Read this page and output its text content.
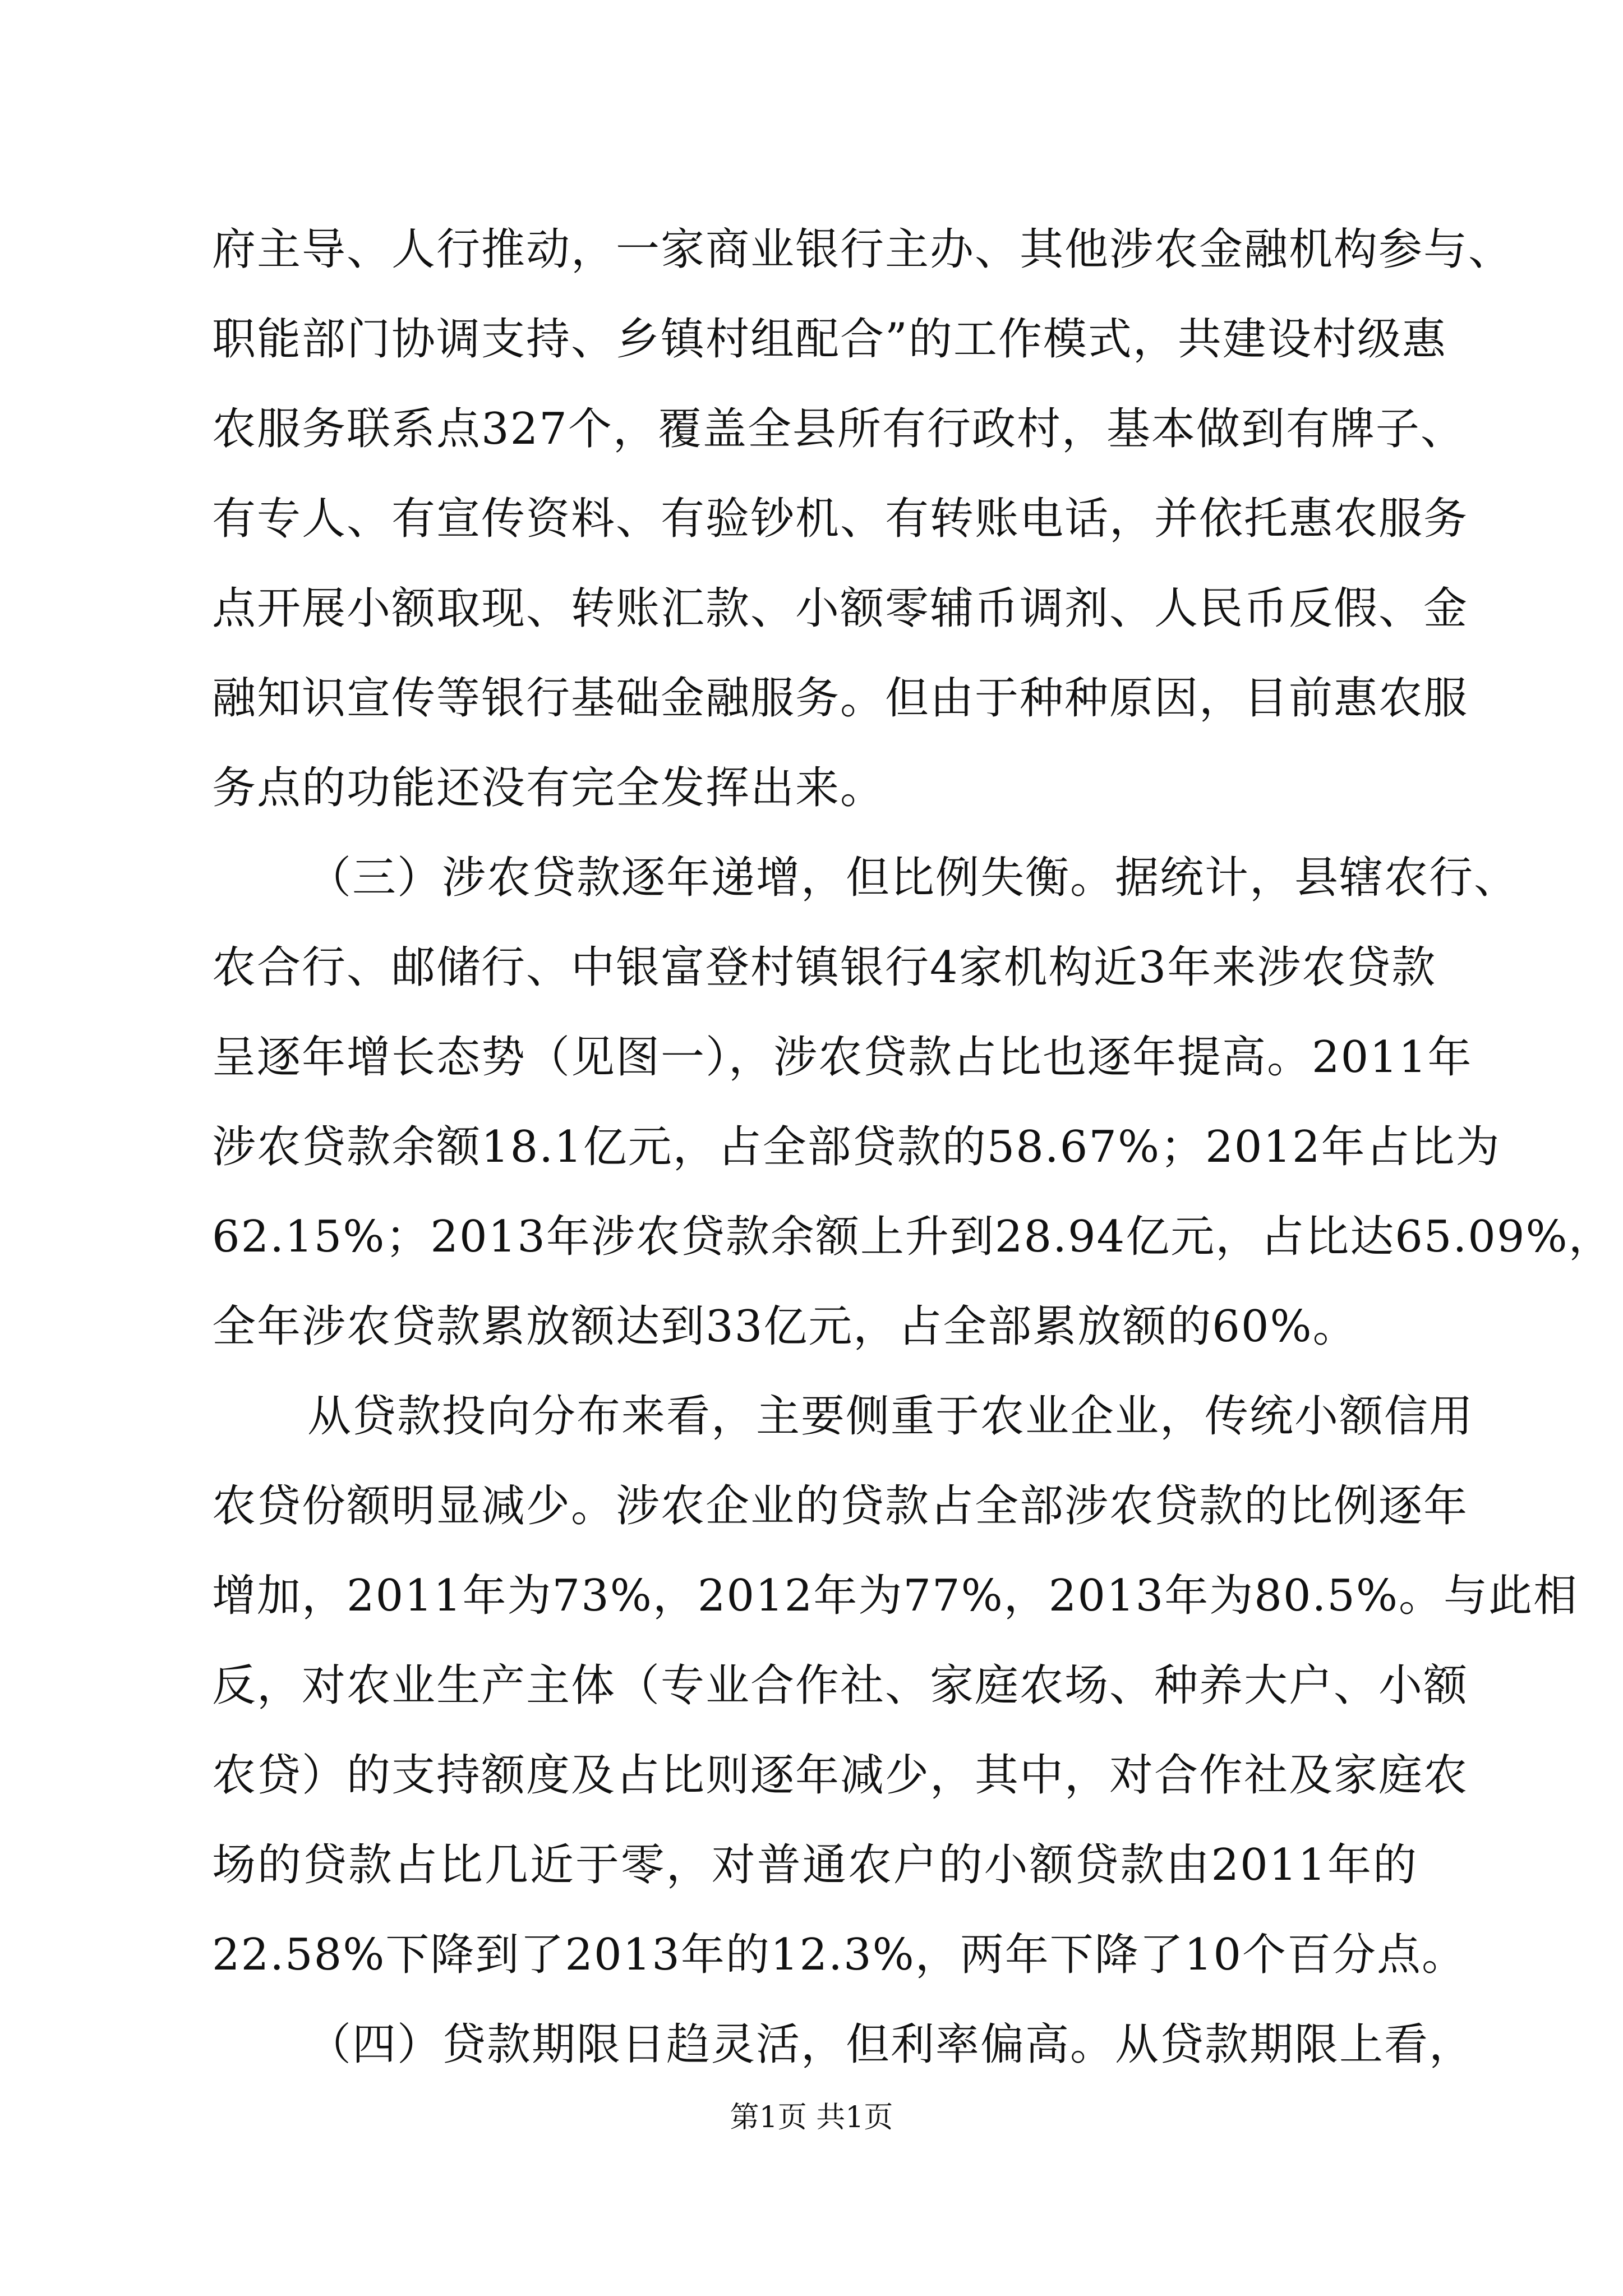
府主导、人行推动，一家商业银行主办、其他涉农金融机构参与、
职能部门协调支持、乡镇村组配合”的工作模式，共建设村级惠
农服务联系点327个，覆盖全县所有行政村，基本做到有牌子、
有专人、有宣传资料、有验钞机、有转账电话，并依托惠农服务
点开展小额取现、转账汇款、小额零辅币调剂、人民币反假、金
融知识宣传等银行基础金融服务。但由于种种原因，目前惠农服
务点的功能还没有完全发挥出来。
（三）涉农贷款逐年递增，但比例失衡。据统计，县辖农行、
农合行、邮储行、中银富登村镇银行4家机构近3年来涉农贷款
呈逐年增长态势（见图一），涉农贷款占比也逐年提高。2011年
涉农贷款余额18.1亿元，占全部贷款的58.67%；2012年占比为
62.15%；2013年涉农贷款余额上升到28.94亿元，占比达65.09%，
全年涉农贷款累放额达到33亿元，占全部累放额的60%。
从贷款投向分布来看，主要侧重于农业企业，传统小额信用
农贷份额明显减少。涉农企业的贷款占全部涉农贷款的比例逐年
增加，2011年为73%，2012年为77%，2013年为80.5%。与此相
反，对农业生产主体（专业合作社、家庭农场、种养大户、小额
农贷）的支持额度及占比则逐年减少，其中，对合作社及家庭农
场的贷款占比几近于零，对普通农户的小额贷款由2011年的
22.58%下降到了2013年的12.3%，两年下降了10个百分点。
（四）贷款期限日趋灵活，但利率偏高。从贷款期限上看，
第1页 共1页
